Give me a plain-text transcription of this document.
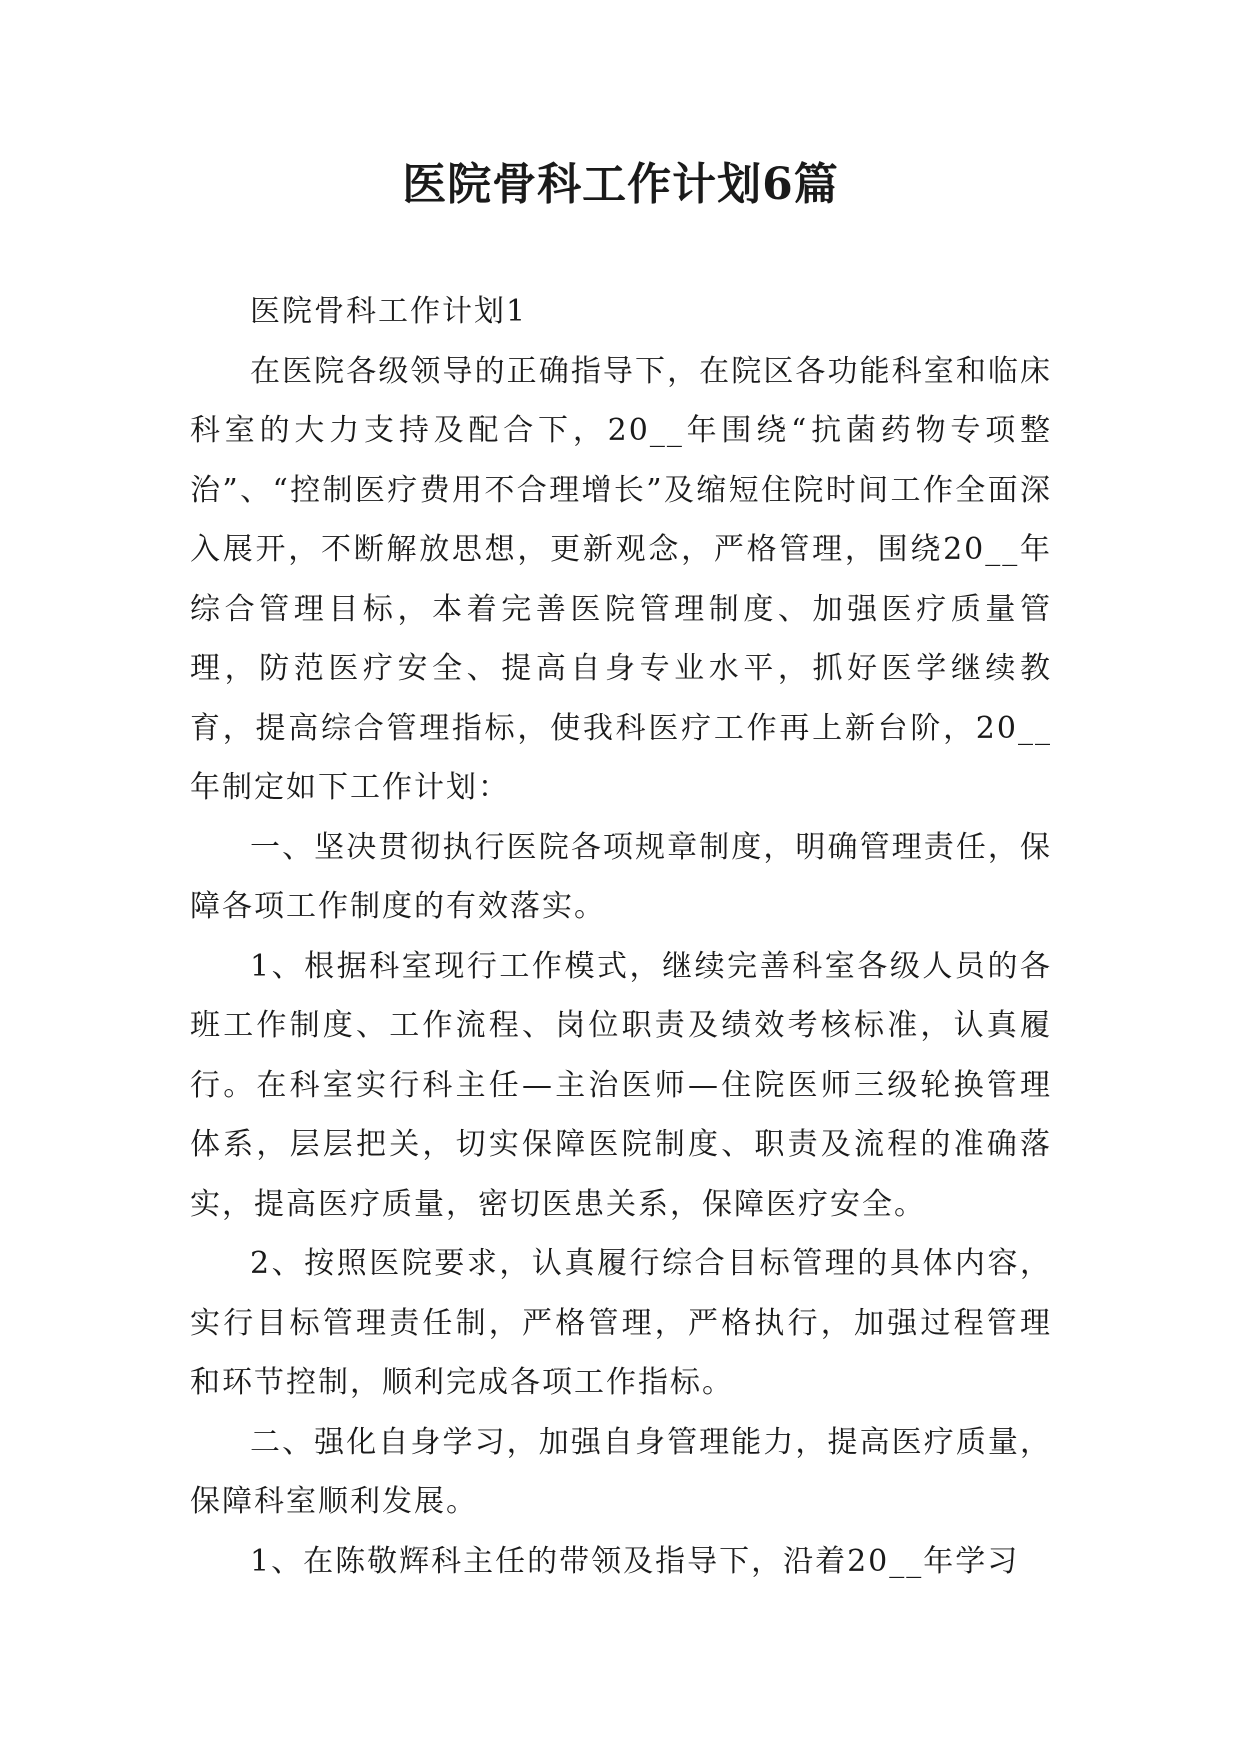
医院骨科工作计划6篇

医院骨科工作计划1

在医院各级领导的正确指导下，在院区各功能科室和临床科室的大力支持及配合下，20__年围绕“抗菌药物专项整治”、“控制医疗费用不合理增长”及缩短住院时间工作全面深入展开，不断解放思想，更新观念，严格管理，围绕20__年综合管理目标，本着完善医院管理制度、加强医疗质量管理，防范医疗安全、提高自身专业水平，抓好医学继续教育，提高综合管理指标，使我科医疗工作再上新台阶，20__年制定如下工作计划：

一、坚决贯彻执行医院各项规章制度，明确管理责任，保障各项工作制度的有效落实。

1、根据科室现行工作模式，继续完善科室各级人员的各班工作制度、工作流程、岗位职责及绩效考核标准，认真履行。在科室实行科主任—主治医师—住院医师三级轮换管理体系，层层把关，切实保障医院制度、职责及流程的准确落实，提高医疗质量，密切医患关系，保障医疗安全。

2、按照医院要求，认真履行综合目标管理的具体内容，实行目标管理责任制，严格管理，严格执行，加强过程管理和环节控制，顺利完成各项工作指标。

二、强化自身学习，加强自身管理能力，提高医疗质量，保障科室顺利发展。

1、在陈敬辉科主任的带领及指导下，沿着20__年学习
